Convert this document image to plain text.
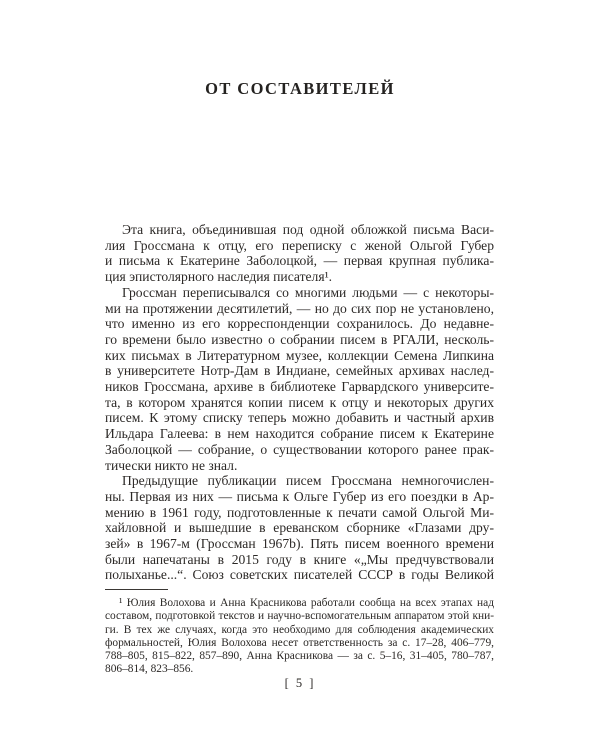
ОТ СОСТАВИТЕЛЕЙ
Эта книга, объединившая под одной обложкой письма Васи-
лия Гроссмана к отцу, его переписку с женой Ольгой Губер
и письма к Екатерине Заболоцкой, — первая крупная публика-
ция эпистолярного наследия писателя¹.
Гроссман переписывался со многими людьми — с некоторы-
ми на протяжении десятилетий, — но до сих пор не установлено,
что именно из его корреспонденции сохранилось. До недавне-
го времени было известно о собрании писем в РГАЛИ, несколь-
ких письмах в Литературном музее, коллекции Семена Липкина
в университете Нотр-Дам в Индиане, семейных архивах наслед-
ников Гроссмана, архиве в библиотеке Гарвардского университе-
та, в котором хранятся копии писем к отцу и некоторых других
писем. К этому списку теперь можно добавить и частный архив
Ильдара Галеева: в нем находится собрание писем к Екатерине
Заболоцкой — собрание, о существовании которого ранее прак-
тически никто не знал.
Предыдущие публикации писем Гроссмана немногочислен-
ны. Первая из них — письма к Ольге Губер из его поездки в Ар-
мению в 1961 году, подготовленные к печати самой Ольгой Ми-
хайловной и вышедшие в ереванском сборнике «Глазами дру-
зей» в 1967-м (Гроссман 1967b). Пять писем военного времени
были напечатаны в 2015 году в книге «„Мы предчувствовали
полыханье...“. Союз советских писателей СССР в годы Великой
¹ Юлия Волохова и Анна Красникова работали сообща на всех этапах над
составом, подготовкой текстов и научно-вспомогательным аппаратом этой кни-
ги. В тех же случаях, когда это необходимо для соблюдения академических
формальностей, Юлия Волохова несет ответственность за с. 17–28, 406–779,
788–805, 815–822, 857–890, Анна Красникова — за с. 5–16, 31–405, 780–787,
806–814, 823–856.
[ 5 ]
